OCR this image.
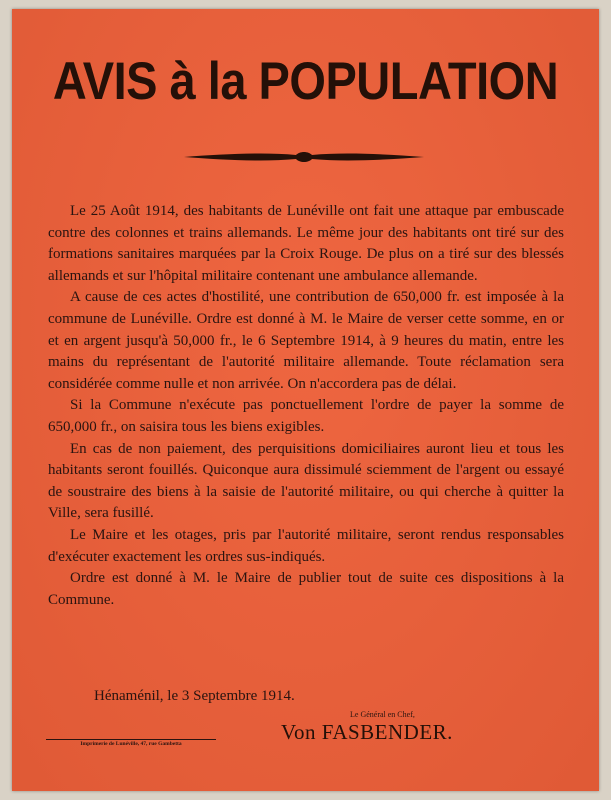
AVIS à la POPULATION

Le 25 Août 1914, des habitants de Lunéville ont fait une attaque par embuscade contre des colonnes et trains allemands. Le même jour des habitants ont tiré sur des formations sanitaires marquées par la Croix Rouge. De plus on a tiré sur des blessés allemands et sur l'hôpital militaire contenant une ambulance allemande.

A cause de ces actes d'hostilité, une contribution de 650,000 fr. est imposée à la commune de Lunéville. Ordre est donné à M. le Maire de verser cette somme, en or et en argent jusqu'à 50,000 fr., le 6 Septembre 1914, à 9 heures du matin, entre les mains du représentant de l'autorité militaire allemande. Toute réclamation sera considérée comme nulle et non arrivée. On n'accordera pas de délai.

Si la Commune n'exécute pas ponctuellement l'ordre de payer la somme de 650,000 fr., on saisira tous les biens exigibles.

En cas de non paiement, des perquisitions domiciliaires auront lieu et tous les habitants seront fouillés. Quiconque aura dissimulé sciemment de l'argent ou essayé de soustraire des biens à la saisie de l'autorité militaire, ou qui cherche à quitter la Ville, sera fusillé.

Le Maire et les otages, pris par l'autorité militaire, seront rendus responsables d'exécuter exactement les ordres sus-indiqués.

Ordre est donné à M. le Maire de publier tout de suite ces dispositions à la Commune.

Hénaménil, le 3 Septembre 1914.
Le Général en Chef,
Von FASBENDER.
Imprimerie de Lunéville, 47, rue Gambetta
